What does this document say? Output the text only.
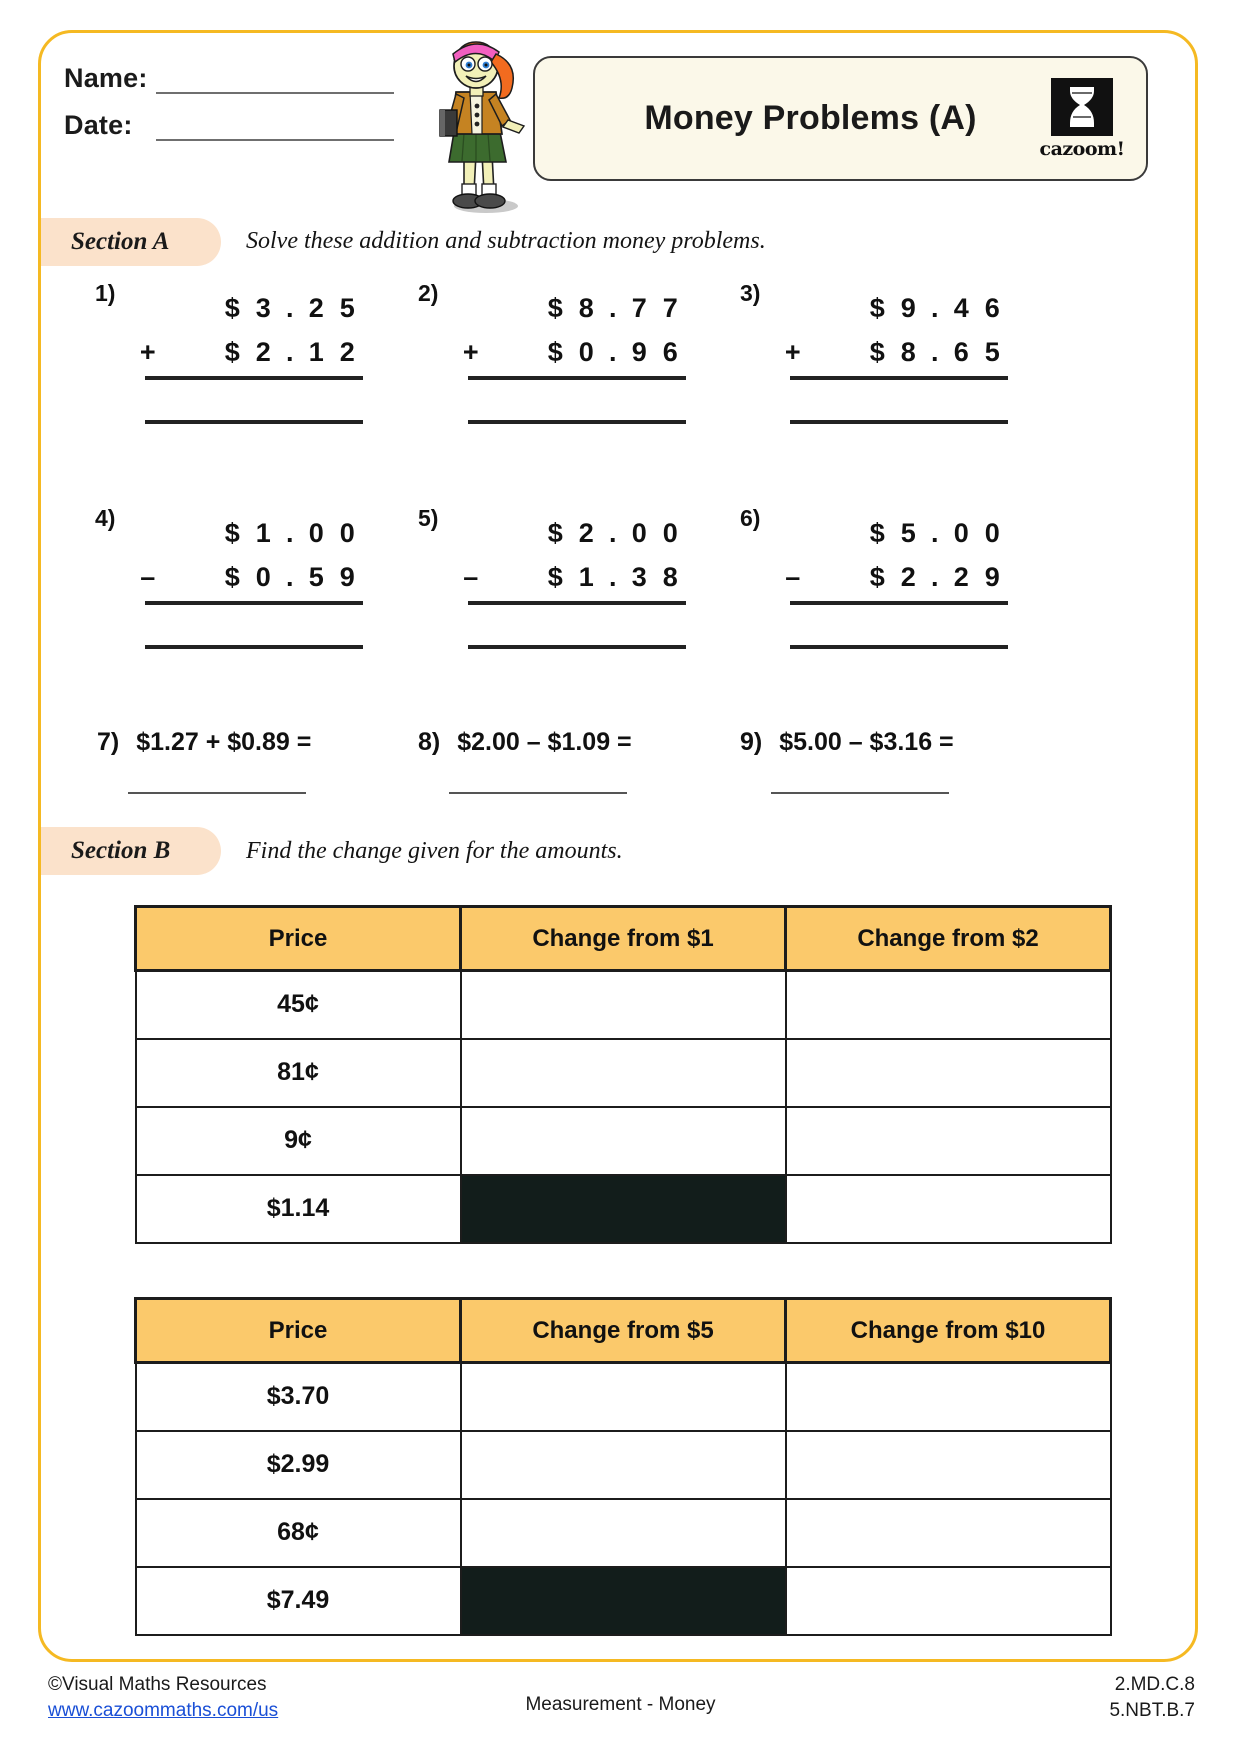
Name:
Date:	Money Problems (A)
cazoom!
Section A	Solve these addition and subtraction money problems.
1)	$ 3 . 2 5
+	$ 2 . 1 2
2)	$ 8 . 7 7
+	$ 0 . 9 6
3)	$ 9 . 4 6
+	$ 8 . 6 5
4)	$ 1 . 0 0
–	$ 0 . 5 9
5)	$ 2 . 0 0
–	$ 1 . 3 8
6)	$ 5 . 0 0
–	$ 2 . 2 9
7) $1.27 + $0.89 =	8) $2.00 – $1.09 =	9) $5.00 – $3.16 =
Section B	Find the change given for the amounts.
Price	Change from $1	Change from $2
45¢		
81¢		
9¢		
$1.14		
Price	Change from $5	Change from $10
$3.70		
$2.99		
68¢		
$7.49		
©Visual Maths Resources
www.cazoommaths.com/us	Measurement - Money
2.MD.C.8
5.NBT.B.7
